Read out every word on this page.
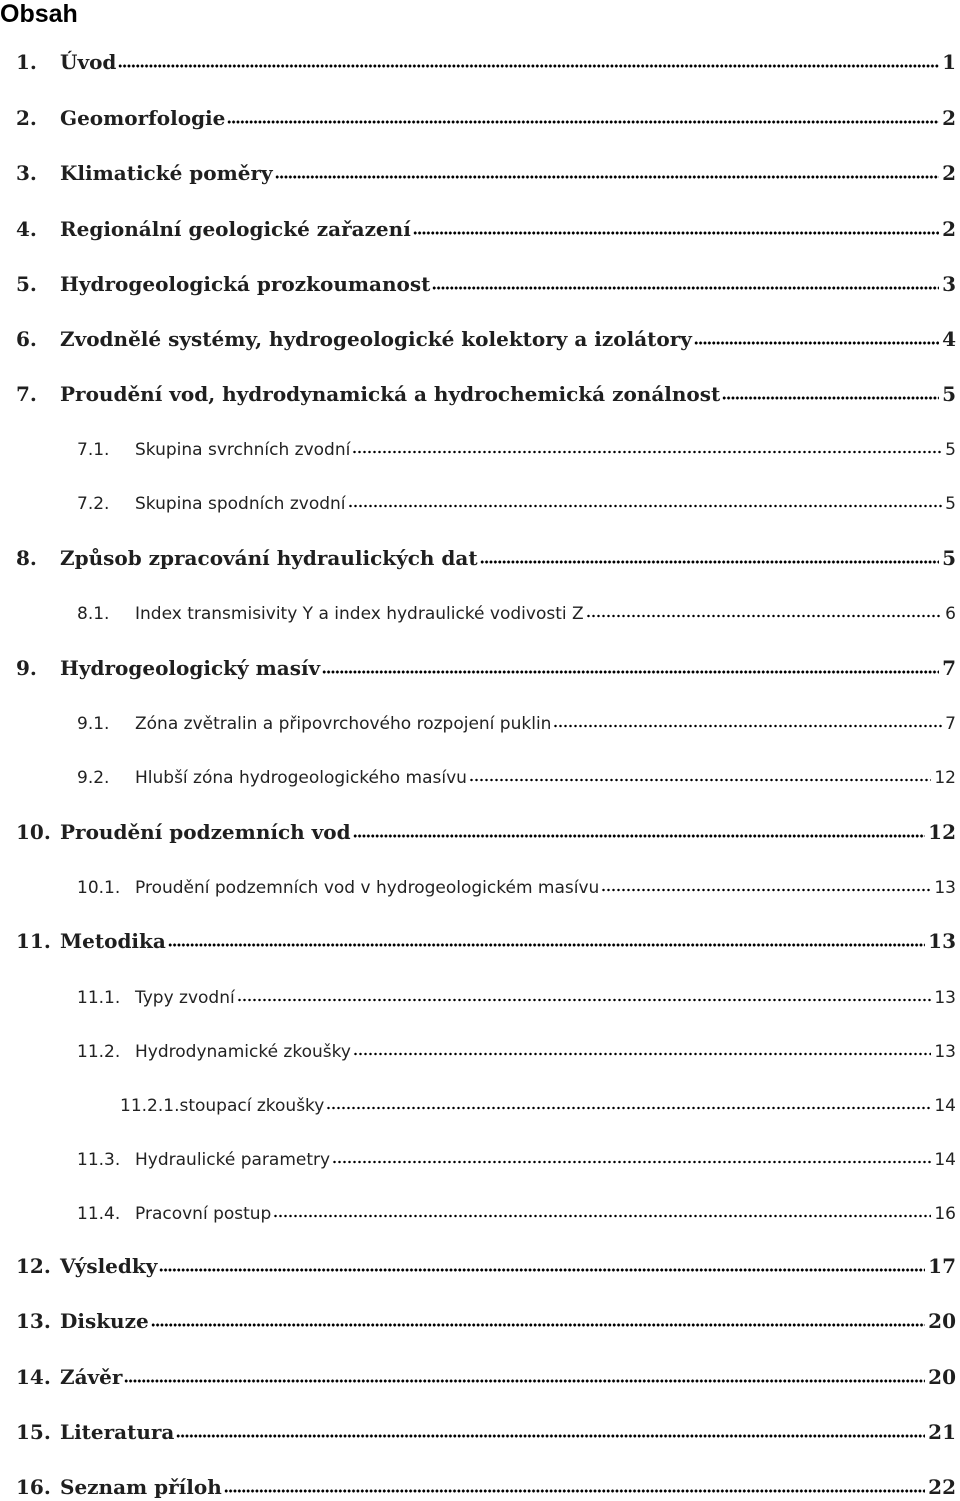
Obsah
1.	Úvod	1
2.	Geomorfologie	2
3.	Klimatické poměry	2
4.	Regionální geologické zařazení	2
5.	Hydrogeologická prozkoumanost	3
6.	Zvodnělé systémy, hydrogeologické kolektory a izolátory	4
7.	Proudění vod, hydrodynamická a hydrochemická zonálnost	5
7.1.	Skupina svrchních zvodní	5
7.2.	Skupina spodních zvodní	5
8.	Způsob zpracování hydraulických dat	5
8.1.	Index transmisivity Y a index hydraulické vodivosti Z	6
9.	Hydrogeologický masív	7
9.1.	Zóna zvětralin a připovrchového rozpojení puklin	7
9.2.	Hlubší zóna hydrogeologického masívu	12
10. Proudění podzemních vod	12
10.1. Proudění podzemních vod v hydrogeologickém masívu	13
11. Metodika	13
11.1. Typy zvodní	13
11.2. Hydrodynamické zkoušky	13
11.2.1. stoupací zkoušky	14
11.3. Hydraulické parametry	14
11.4. Pracovní postup	16
12. Výsledky	17
13. Diskuze	20
14. Závěr	20
15. Literatura	21
16. Seznam příloh	22
